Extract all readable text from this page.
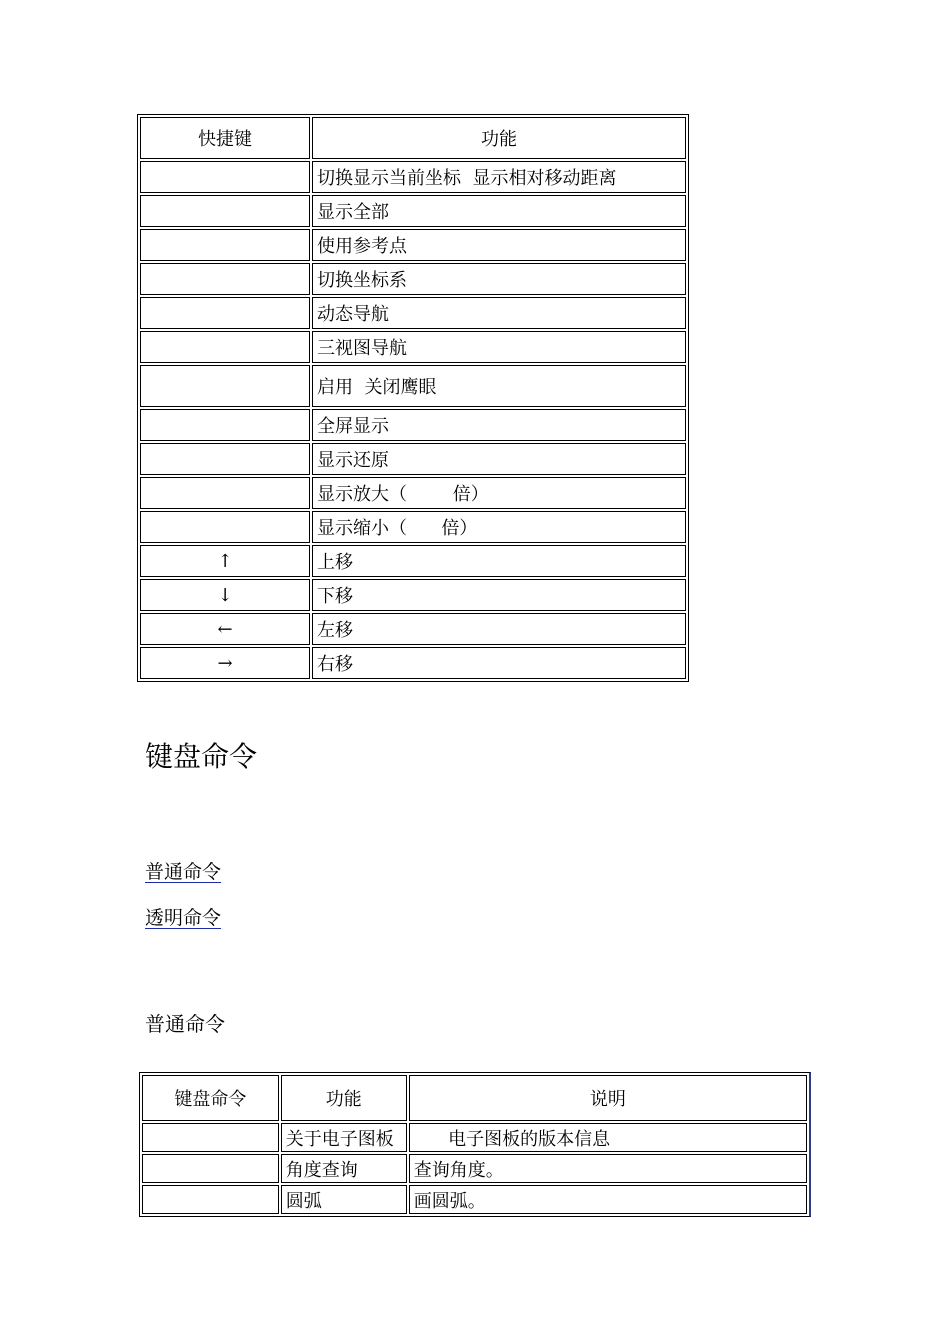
快捷键	功能
	切换显示当前坐标  显示相对移动距离
	显示全部
	使用参考点
	切换坐标系
	动态导航
	三视图导航
	启用  关闭鹰眼
	全屏显示
	显示还原
	显示放大（        倍）
	显示缩小（      倍）
↑	上移
↓	下移
←	左移
→	右移
键盘命令
普通命令
透明命令
普通命令
键盘命令	功能	说明
	关于电子图板	电子图板的版本信息
	角度查询	查询角度。
	圆弧	画圆弧。
